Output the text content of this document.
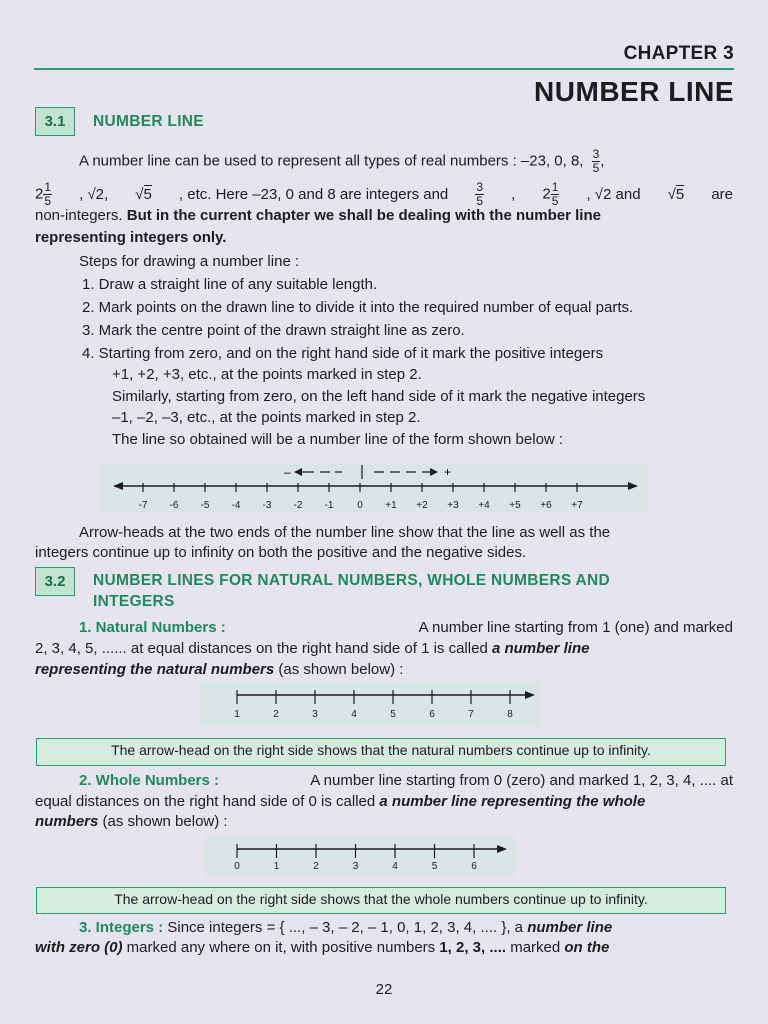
CHAPTER 3
NUMBER LINE
3.1	NUMBER LINE
A number line can be used to represent all types of real numbers : –23, 0, 8, $\frac{3}{5}$ ,
$2 \frac{1}{5}$ , √2, √5 , etc. Here –23, 0 and 8 are integers and $\frac{3}{5}$ , $2 \frac{1}{5}$ , √2 and √5 are
non-integers. But in the current chapter we shall be dealing with the number line
representing integers only.
Steps for drawing a number line :
1. Draw a straight line of any suitable length.
2. Mark points on the drawn line to divide it into the required number of equal parts.
3. Mark the centre point of the drawn straight line as zero.
4. Starting from zero, and on the right hand side of it mark the positive integers
+1, +2, +3, etc., at the points marked in step 2.
Similarly, starting from zero, on the left hand side of it mark the negative integers
–1, –2, –3, etc., at the points marked in step 2.
The line so obtained will be a number line of the form shown below :
–	+
-7 -6 -5 -4 -3 -2 -1 0 +1 +2 +3 +4 +5 +6 +7
Arrow-heads at the two ends of the number line show that the line as well as the
integers continue up to infinity on both the positive and the negative sides.
3.2	NUMBER LINES FOR NATURAL NUMBERS, WHOLE NUMBERS AND
INTEGERS
1. Natural Numbers :	A number line starting from 1 (one) and marked
2, 3, 4, 5, ...... at equal distances on the right hand side of 1 is called a number line
representing the natural numbers (as shown below) :
1	2	3	4	5	6	7	8
The arrow-head on the right side shows that the natural numbers continue up to infinity.
2. Whole Numbers :	A number line starting from 0 (zero) and marked 1, 2, 3, 4, .... at
equal distances on the right hand side of 0 is called a number line representing the whole
numbers (as shown below) :
0	1	2	3	4	5	6
The arrow-head on the right side shows that the whole numbers continue up to infinity.
3. Integers : Since integers = { ..., – 3, – 2, – 1, 0, 1, 2, 3, 4, .... }, a number line
with zero (0) marked any where on it, with positive numbers 1, 2, 3, .... marked on the
22
